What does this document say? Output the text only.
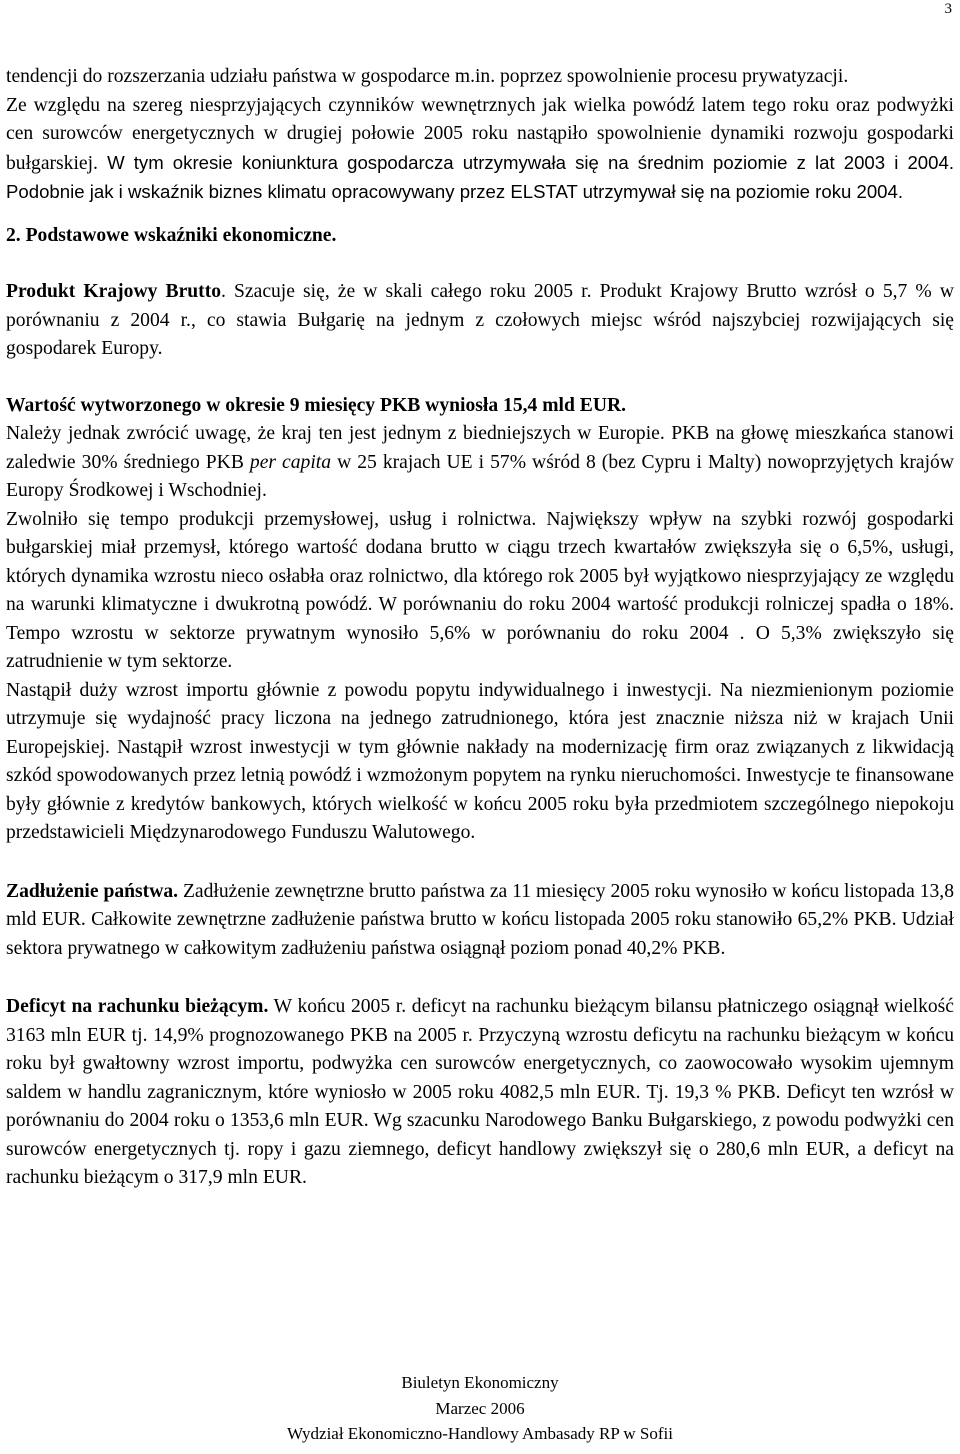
3

tendencji do rozszerzania udziału państwa w gospodarce m.in. poprzez spowolnienie procesu prywatyzacji.

Ze względu na szereg niesprzyjających czynników wewnętrznych jak wielka powódź latem tego roku oraz podwyżki cen surowców energetycznych w drugiej połowie 2005 roku nastąpiło spowolnienie dynamiki rozwoju gospodarki bułgarskiej. W tym okresie koniunktura gospodarcza utrzymywała się na średnim poziomie z lat 2003 i 2004. Podobnie jak i wskaźnik biznes klimatu opracowywany przez ELSTAT utrzymywał się na poziomie roku 2004.

2. Podstawowe wskaźniki ekonomiczne.

Produkt Krajowy Brutto. Szacuje się, że w skali całego roku 2005 r. Produkt Krajowy Brutto wzrósł o 5,7 % w porównaniu z 2004 r., co stawia Bułgarię na jednym z czołowych miejsc wśród najszybciej rozwijających się gospodarek Europy.

Wartość wytworzonego w okresie 9 miesięcy PKB wyniosła 15,4 mld EUR.

Należy jednak zwrócić uwagę, że kraj ten jest jednym z biedniejszych w Europie. PKB na głowę mieszkańca stanowi zaledwie 30% średniego PKB per capita w 25 krajach UE i 57% wśród 8 (bez Cypru i Malty) nowoprzyjętych krajów Europy Środkowej i Wschodniej.

Zwolniło się tempo produkcji przemysłowej, usług i rolnictwa. Największy wpływ na szybki rozwój gospodarki bułgarskiej miał przemysł, którego wartość dodana brutto w ciągu trzech kwartałów zwiększyła się o 6,5%, usługi, których dynamika wzrostu nieco osłabła oraz rolnictwo, dla którego rok 2005 był wyjątkowo niesprzyjający ze względu na warunki klimatyczne i dwukrotną powódź. W porównaniu do roku 2004 wartość produkcji rolniczej spadła o 18%. Tempo wzrostu w sektorze prywatnym wynosiło 5,6% w porównaniu do roku 2004 . O 5,3% zwiększyło się zatrudnienie w tym sektorze.

Nastąpił duży wzrost importu głównie z powodu popytu indywidualnego i inwestycji. Na niezmienionym poziomie utrzymuje się wydajność pracy liczona na jednego zatrudnionego, która jest znacznie niższa niż w krajach Unii Europejskiej. Nastąpił wzrost inwestycji w tym głównie nakłady na modernizację firm oraz związanych z likwidacją szkód spowodowanych przez letnią powódź i wzmożonym popytem na rynku nieruchomości. Inwestycje te finansowane były głównie z kredytów bankowych, których wielkość w końcu 2005 roku była przedmiotem szczególnego niepokoju przedstawicieli Międzynarodowego Funduszu Walutowego.

Zadłużenie państwa. Zadłużenie zewnętrzne brutto państwa za 11 miesięcy 2005 roku wynosiło w końcu listopada 13,8 mld EUR. Całkowite zewnętrzne zadłużenie państwa brutto w końcu listopada 2005 roku stanowiło 65,2% PKB. Udział sektora prywatnego w całkowitym zadłużeniu państwa osiągnął poziom ponad 40,2% PKB.

Deficyt na rachunku bieżącym. W końcu 2005 r. deficyt na rachunku bieżącym bilansu płatniczego osiągnął wielkość 3163 mln EUR tj. 14,9% prognozowanego PKB na 2005 r. Przyczyną wzrostu deficytu na rachunku bieżącym w końcu roku był gwałtowny wzrost importu, podwyżka cen surowców energetycznych, co zaowocowało wysokim ujemnym saldem w handlu zagranicznym, które wyniosło w 2005 roku 4082,5 mln EUR. Tj. 19,3 % PKB. Deficyt ten wzrósł w porównaniu do 2004 roku o 1353,6 mln EUR. Wg szacunku Narodowego Banku Bułgarskiego, z powodu podwyżki cen surowców energetycznych tj. ropy i gazu ziemnego, deficyt handlowy zwiększył się o 280,6 mln EUR, a deficyt na rachunku bieżącym o 317,9 mln EUR.

Biuletyn Ekonomiczny
Marzec 2006
Wydział Ekonomiczno-Handlowy Ambasady RP w Sofii
